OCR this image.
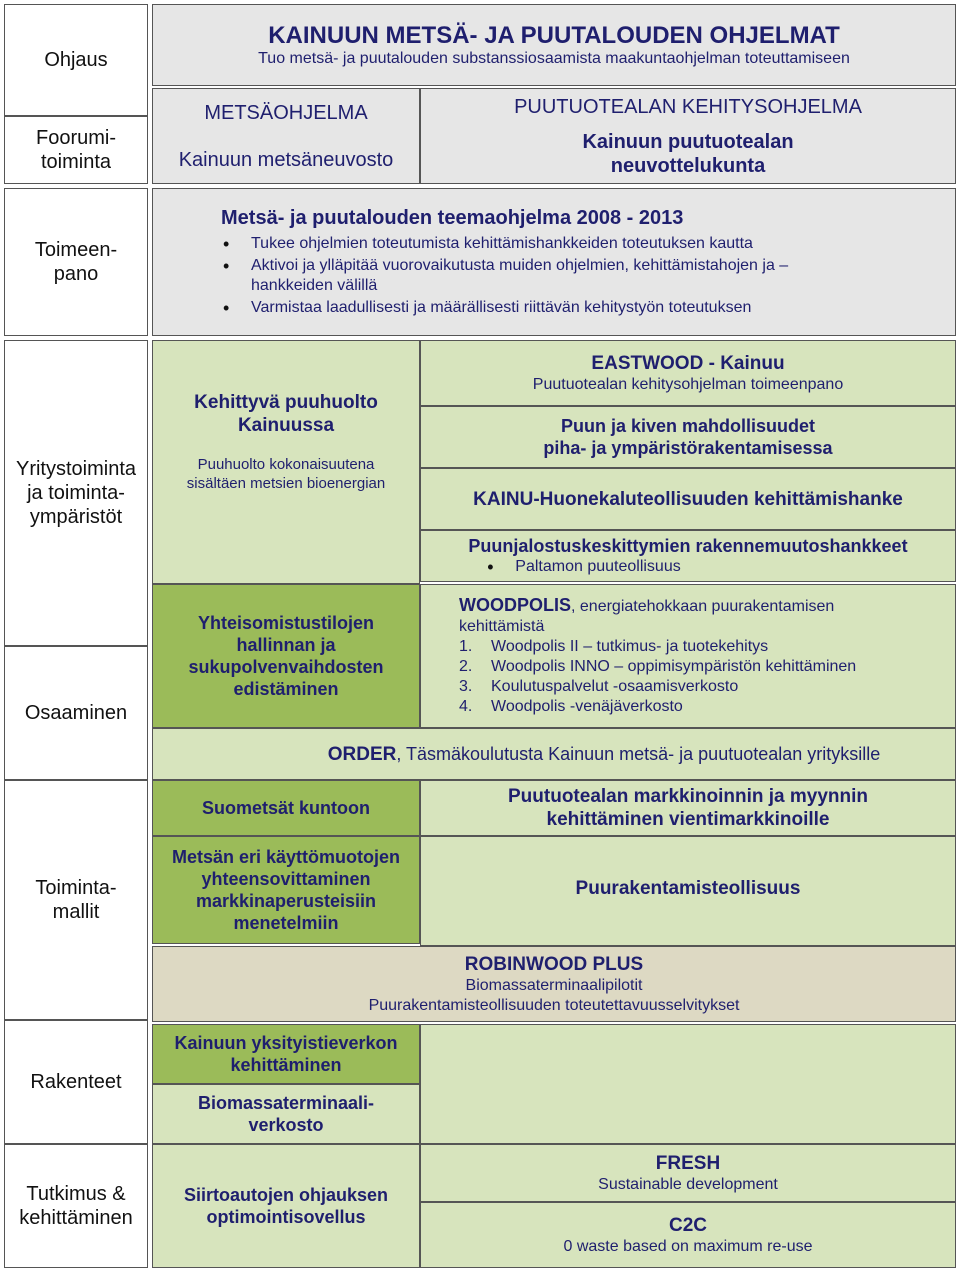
Ohjaus
Foorumi-
toiminta
Toimeen-
pano
Yritystoiminta
ja toiminta-
ympäristöt
Osaaminen
Toiminta-
mallit
Rakenteet
Tutkimus &
kehittäminen
KAINUUN METSÄ- JA PUUTALOUDEN OHJELMAT
Tuo metsä- ja puutalouden substanssiosaamista maakuntaohjelman toteuttamiseen
METSÄOHJELMA
Kainuun metsäneuvosto
PUUTUOTEALAN KEHITYSOHJELMA
Kainuun puutuotealan
neuvottelukunta
Metsä- ja puutalouden teemaohjelma 2008 - 2013
• Tukee ohjelmien toteutumista kehittämishankkeiden toteutuksen kautta
• Aktivoi ja ylläpitää vuorovaikutusta muiden ohjelmien, kehittämistahojen ja –hankkeiden välillä
• Varmistaa laadullisesti ja määrällisesti riittävän kehitystyön toteutuksen
Kehittyvä puuhuolto
Kainuussa
Puuhuolto kokonaisuutena
sisältäen metsien bioenergian
Yhteisomistustilojen
hallinnan ja
sukupolvenvaihdosten
edistäminen
Suometsät kuntoon
Metsän eri käyttömuotojen
yhteensovittaminen
markkinaperusteisiin
menetelmiin
Kainuun yksityistieverkon
kehittäminen
Biomassaterminaali-
verkosto
Siirtoautojen ohjauksen
optimointisovellus
EASTWOOD - Kainuu
Puutuotealan kehitysohjelman toimeenpano
Puun ja kiven mahdollisuudet
piha- ja ympäristörakentamisessa
KAINU-Huonekaluteollisuuden kehittämishanke
Puunjalostuskeskittymien rakennemuutoshankkeet
• Paltamon puuteollisuus
WOODPOLIS, energiatehokkaan puurakentamisen
kehittämistä
1. Woodpolis II – tutkimus- ja tuotekehitys
2. Woodpolis INNO – oppimisympäristön kehittäminen
3. Koulutuspalvelut -osaamisverkosto
4. Woodpolis -venäjäverkosto
ORDER, Täsmäkoulutusta Kainuun metsä- ja puutuotealan yrityksille
Puutuotealan markkinoinnin ja myynnin
kehittäminen vientimarkkinoille
Puurakentamisteollisuus
ROBINWOOD PLUS
Biomassaterminaalipilotit
Puurakentamisteollisuuden toteutettavuusselvitykset
FRESH
Sustainable development
C2C
0 waste based on maximum re-use
